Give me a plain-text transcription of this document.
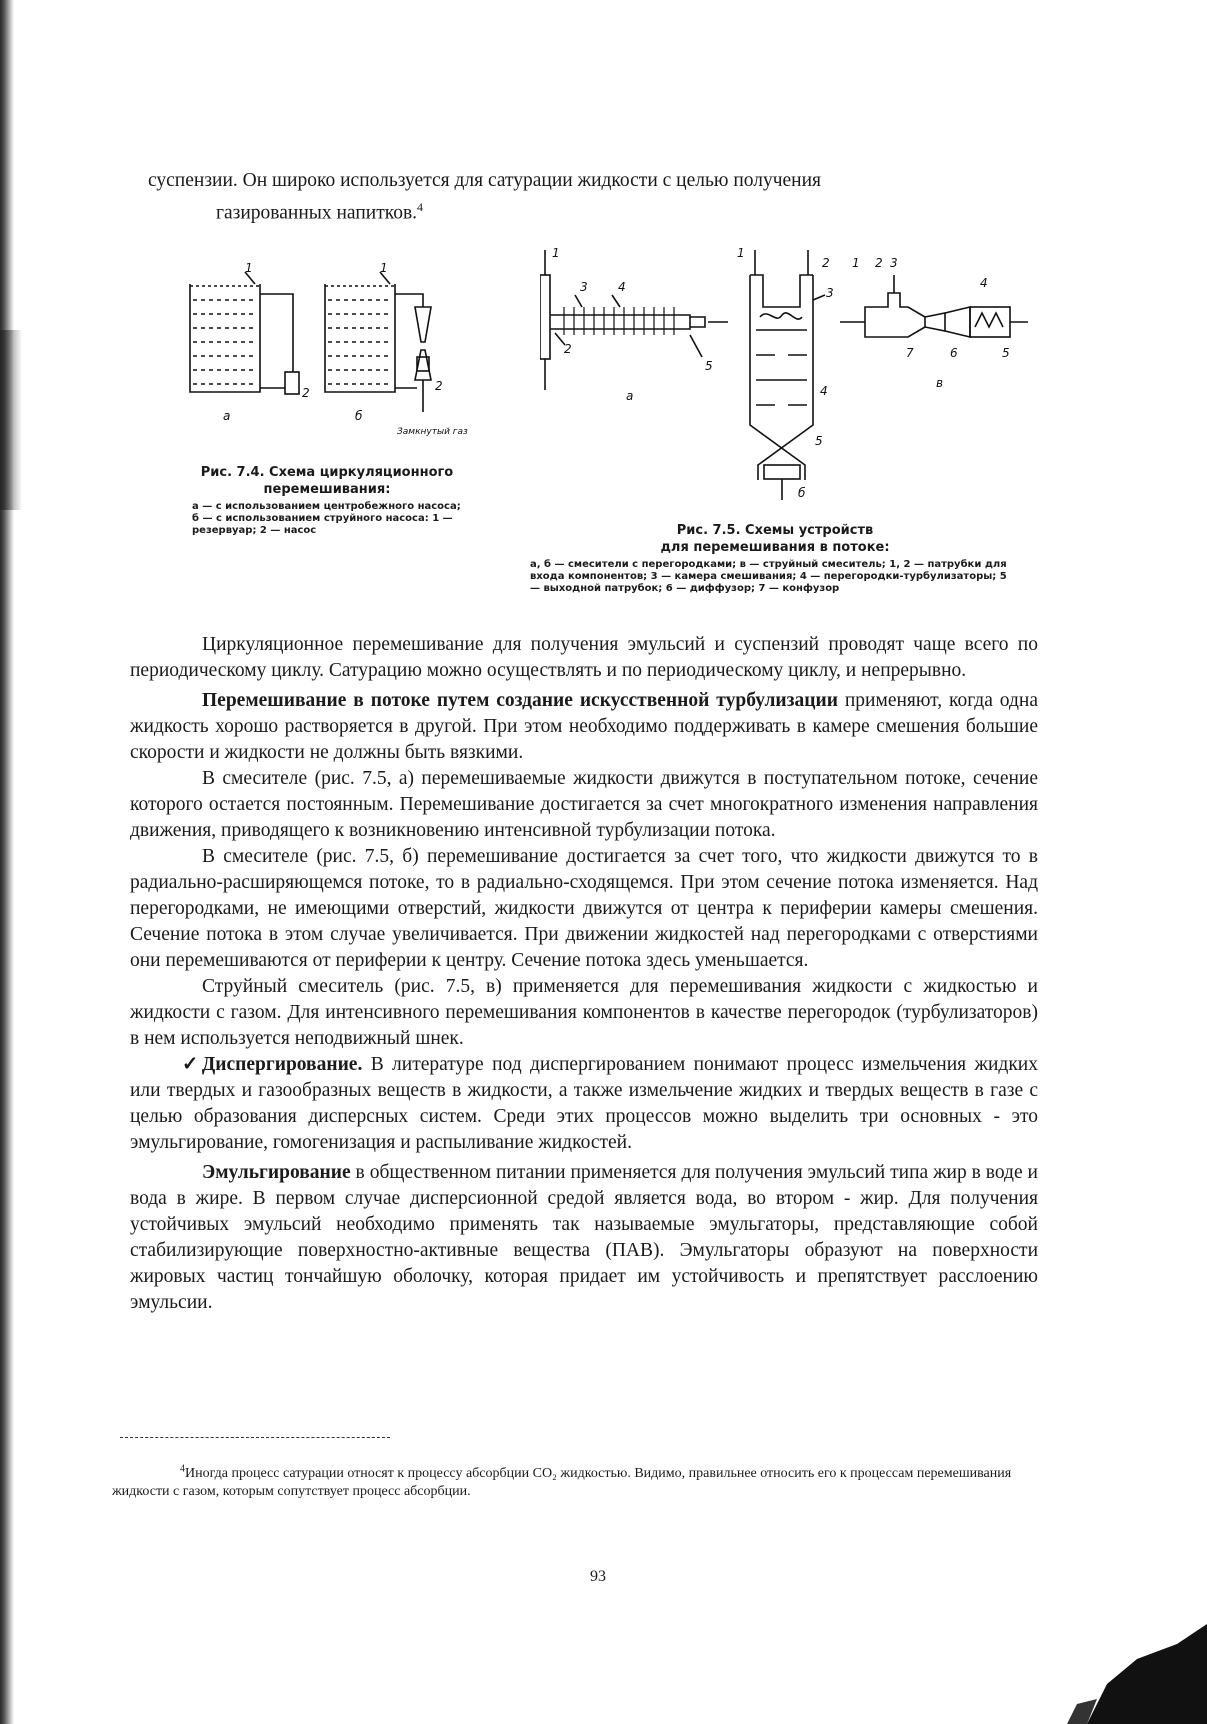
суспензии. Он широко используется для сатурации жидкости с целью получения
газированных напитков.$^4$
1	1
2	2
а	б
Замкнутый газ
Рис. 7.4. Схема циркуляционного
перемешивания:
а — с использованием центробежного насоса; б — с использованием струйного насоса: 1 — резервуар; 2 — насос
1
3	4
2
5
а
1
2
3
4
5
б
1 2 3
4
7	6	5
в
Рис. 7.5. Схемы устройств
для перемешивания в потоке:
а, б — смесители с перегородками; в — струйный смеситель; 1, 2 — патрубки для входа компонентов; 3 — камера смешивания; 4 — перегородки-турбулизаторы; 5 — выходной патрубок; 6 — диффузор; 7 — конфузор

Циркуляционное перемешивание для получения эмульсий и суспензий проводят чаще всего по периодическому циклу. Сатурацию можно осуществлять и по периодическому циклу, и непрерывно.

Перемешивание в потоке путем создание искусственной турбулизации применяют, когда одна жидкость хорошо растворяется в другой. При этом необходимо поддерживать в камере смешения большие скорости и жидкости не должны быть вязкими.

В смесителе (рис. 7.5, а) перемешиваемые жидкости движутся в поступательном потоке, сечение которого остается постоянным. Перемешивание достигается за счет многократного изменения направления движения, приводящего к возникновению интенсивной турбулизации потока.

В смесителе (рис. 7.5, б) перемешивание достигается за счет того, что жидкости движутся то в радиально-расширяющемся потоке, то в радиально-сходящемся. При этом сечение потока изменяется. Над перегородками, не имеющими отверстий, жидкости движутся от центра к периферии камеры смешения. Сечение потока в этом случае увеличивается. При движении жидкостей над перегородками с отверстиями они перемешиваются от периферии к центру. Сечение потока здесь уменьшается.

Струйный смеситель (рис. 7.5, в) применяется для перемешивания жидкости с жидкостью и жидкости с газом. Для интенсивного перемешивания компонентов в качестве перегородок (турбулизаторов) в нем используется неподвижный шнек.

✓Диспергирование. В литературе под диспергированием понимают процесс измельчения жидких или твердых и газообразных веществ в жидкости, а также измельчение жидких и твердых веществ в газе с целью образования дисперсных систем. Среди этих процессов можно выделить три основных - это эмульгирование, гомогенизация и распыливание жидкостей.

Эмульгирование в общественном питании применяется для получения эмульсий типа жир в воде и вода в жире. В первом случае дисперсионной средой является вода, во втором - жир. Для получения устойчивых эмульсий необходимо применять так называемые эмульгаторы, представляющие собой стабилизирующие поверхностно-активные вещества (ПАВ). Эмульгаторы образуют на поверхности жировых частиц тончайшую оболочку, которая придает им устойчивость и препятствует расслоению эмульсии.

$^4$Иногда процесс сатурации относят к процессу абсорбции CO₂ жидкостью. Видимо, правильнее относить его к процессам перемешивания жидкости с газом, которым сопутствует процесс абсорбции.
93
